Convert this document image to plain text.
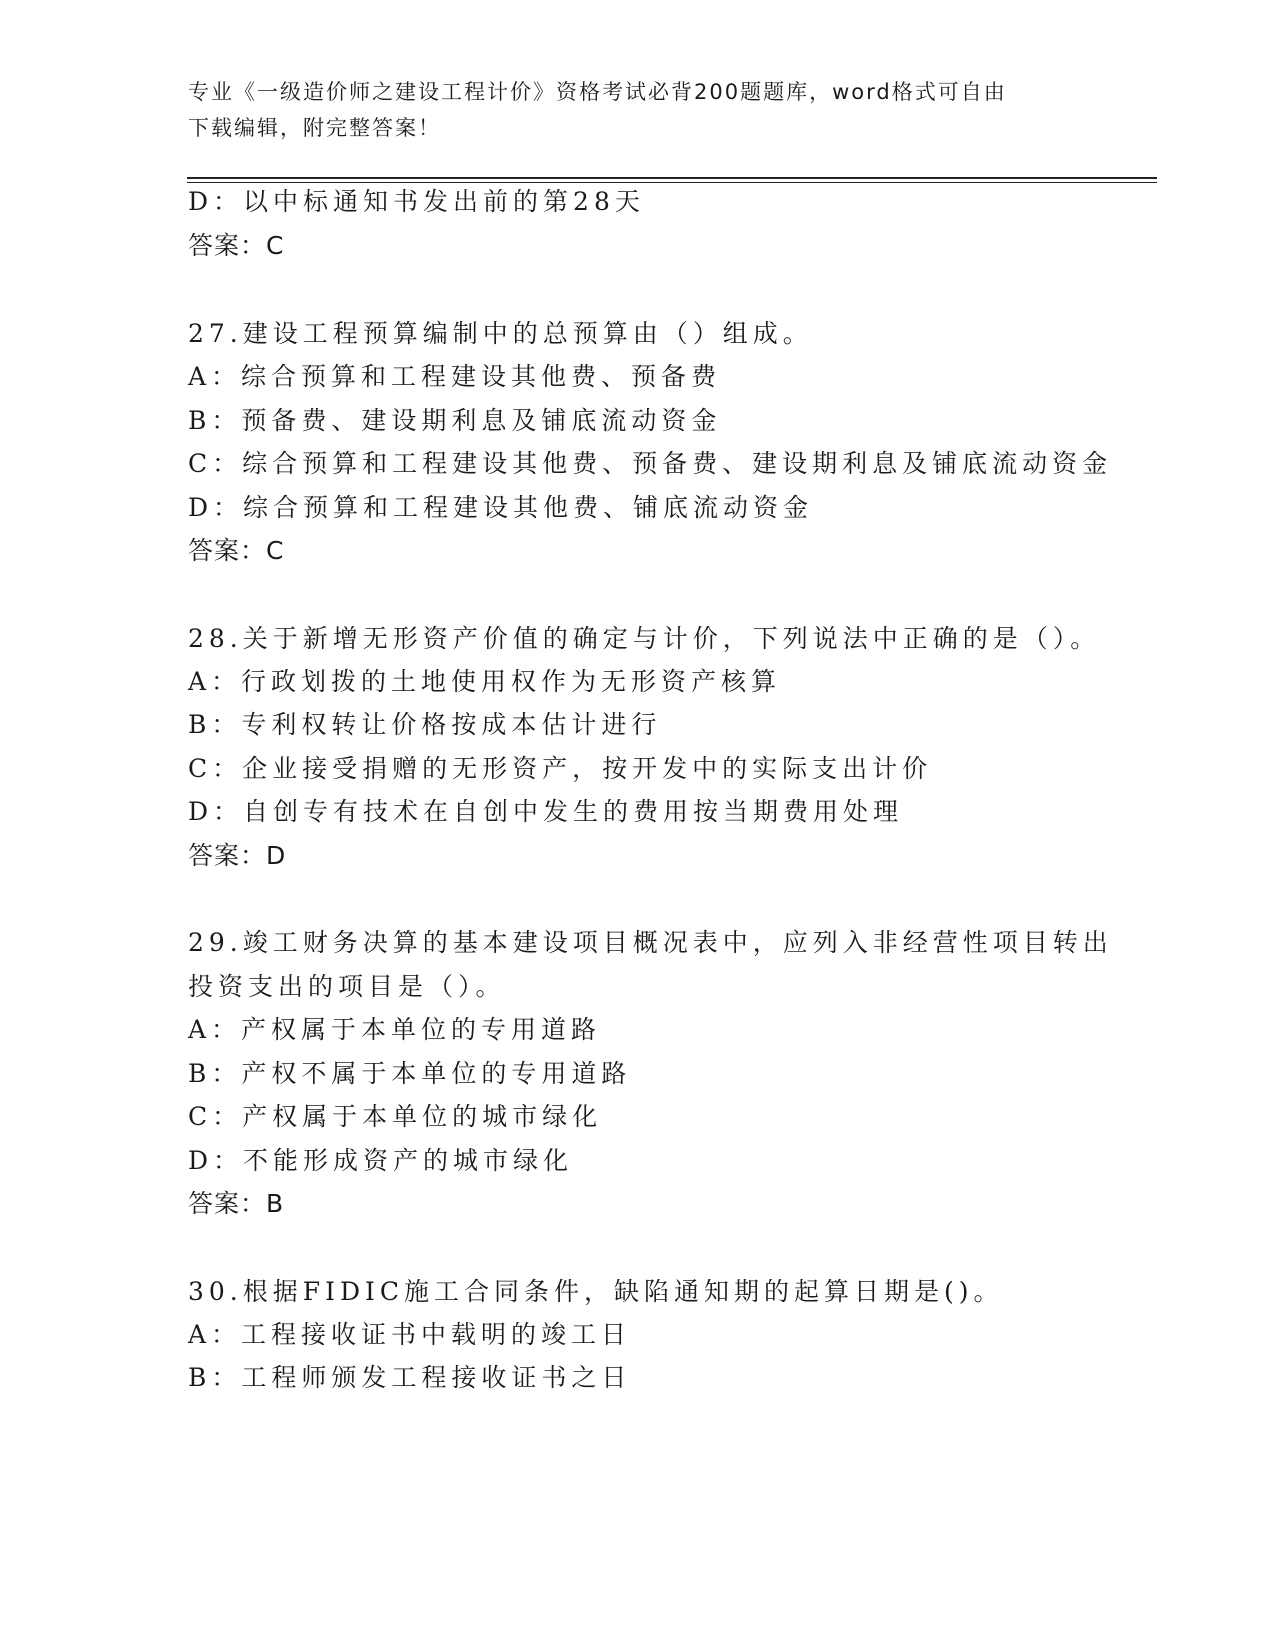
专业《一级造价师之建设工程计价》资格考试必背200题题库，word格式可自由
下载编辑，附完整答案！
D：以中标通知书发出前的第28天
答案：C
27.建设工程预算编制中的总预算由（）组成。
A：综合预算和工程建设其他费、预备费
B：预备费、建设期利息及铺底流动资金
C：综合预算和工程建设其他费、预备费、建设期利息及铺底流动资金
D：综合预算和工程建设其他费、铺底流动资金
答案：C
28.关于新增无形资产价值的确定与计价，下列说法中正确的是（）。
A：行政划拨的土地使用权作为无形资产核算
B：专利权转让价格按成本估计进行
C：企业接受捐赠的无形资产，按开发中的实际支出计价
D：自创专有技术在自创中发生的费用按当期费用处理
答案：D
29.竣工财务决算的基本建设项目概况表中，应列入非经营性项目转出
投资支出的项目是（）。
A：产权属于本单位的专用道路
B：产权不属于本单位的专用道路
C：产权属于本单位的城市绿化
D：不能形成资产的城市绿化
答案：B
30.根据FIDIC施工合同条件，缺陷通知期的起算日期是()。
A：工程接收证书中载明的竣工日
B：工程师颁发工程接收证书之日
